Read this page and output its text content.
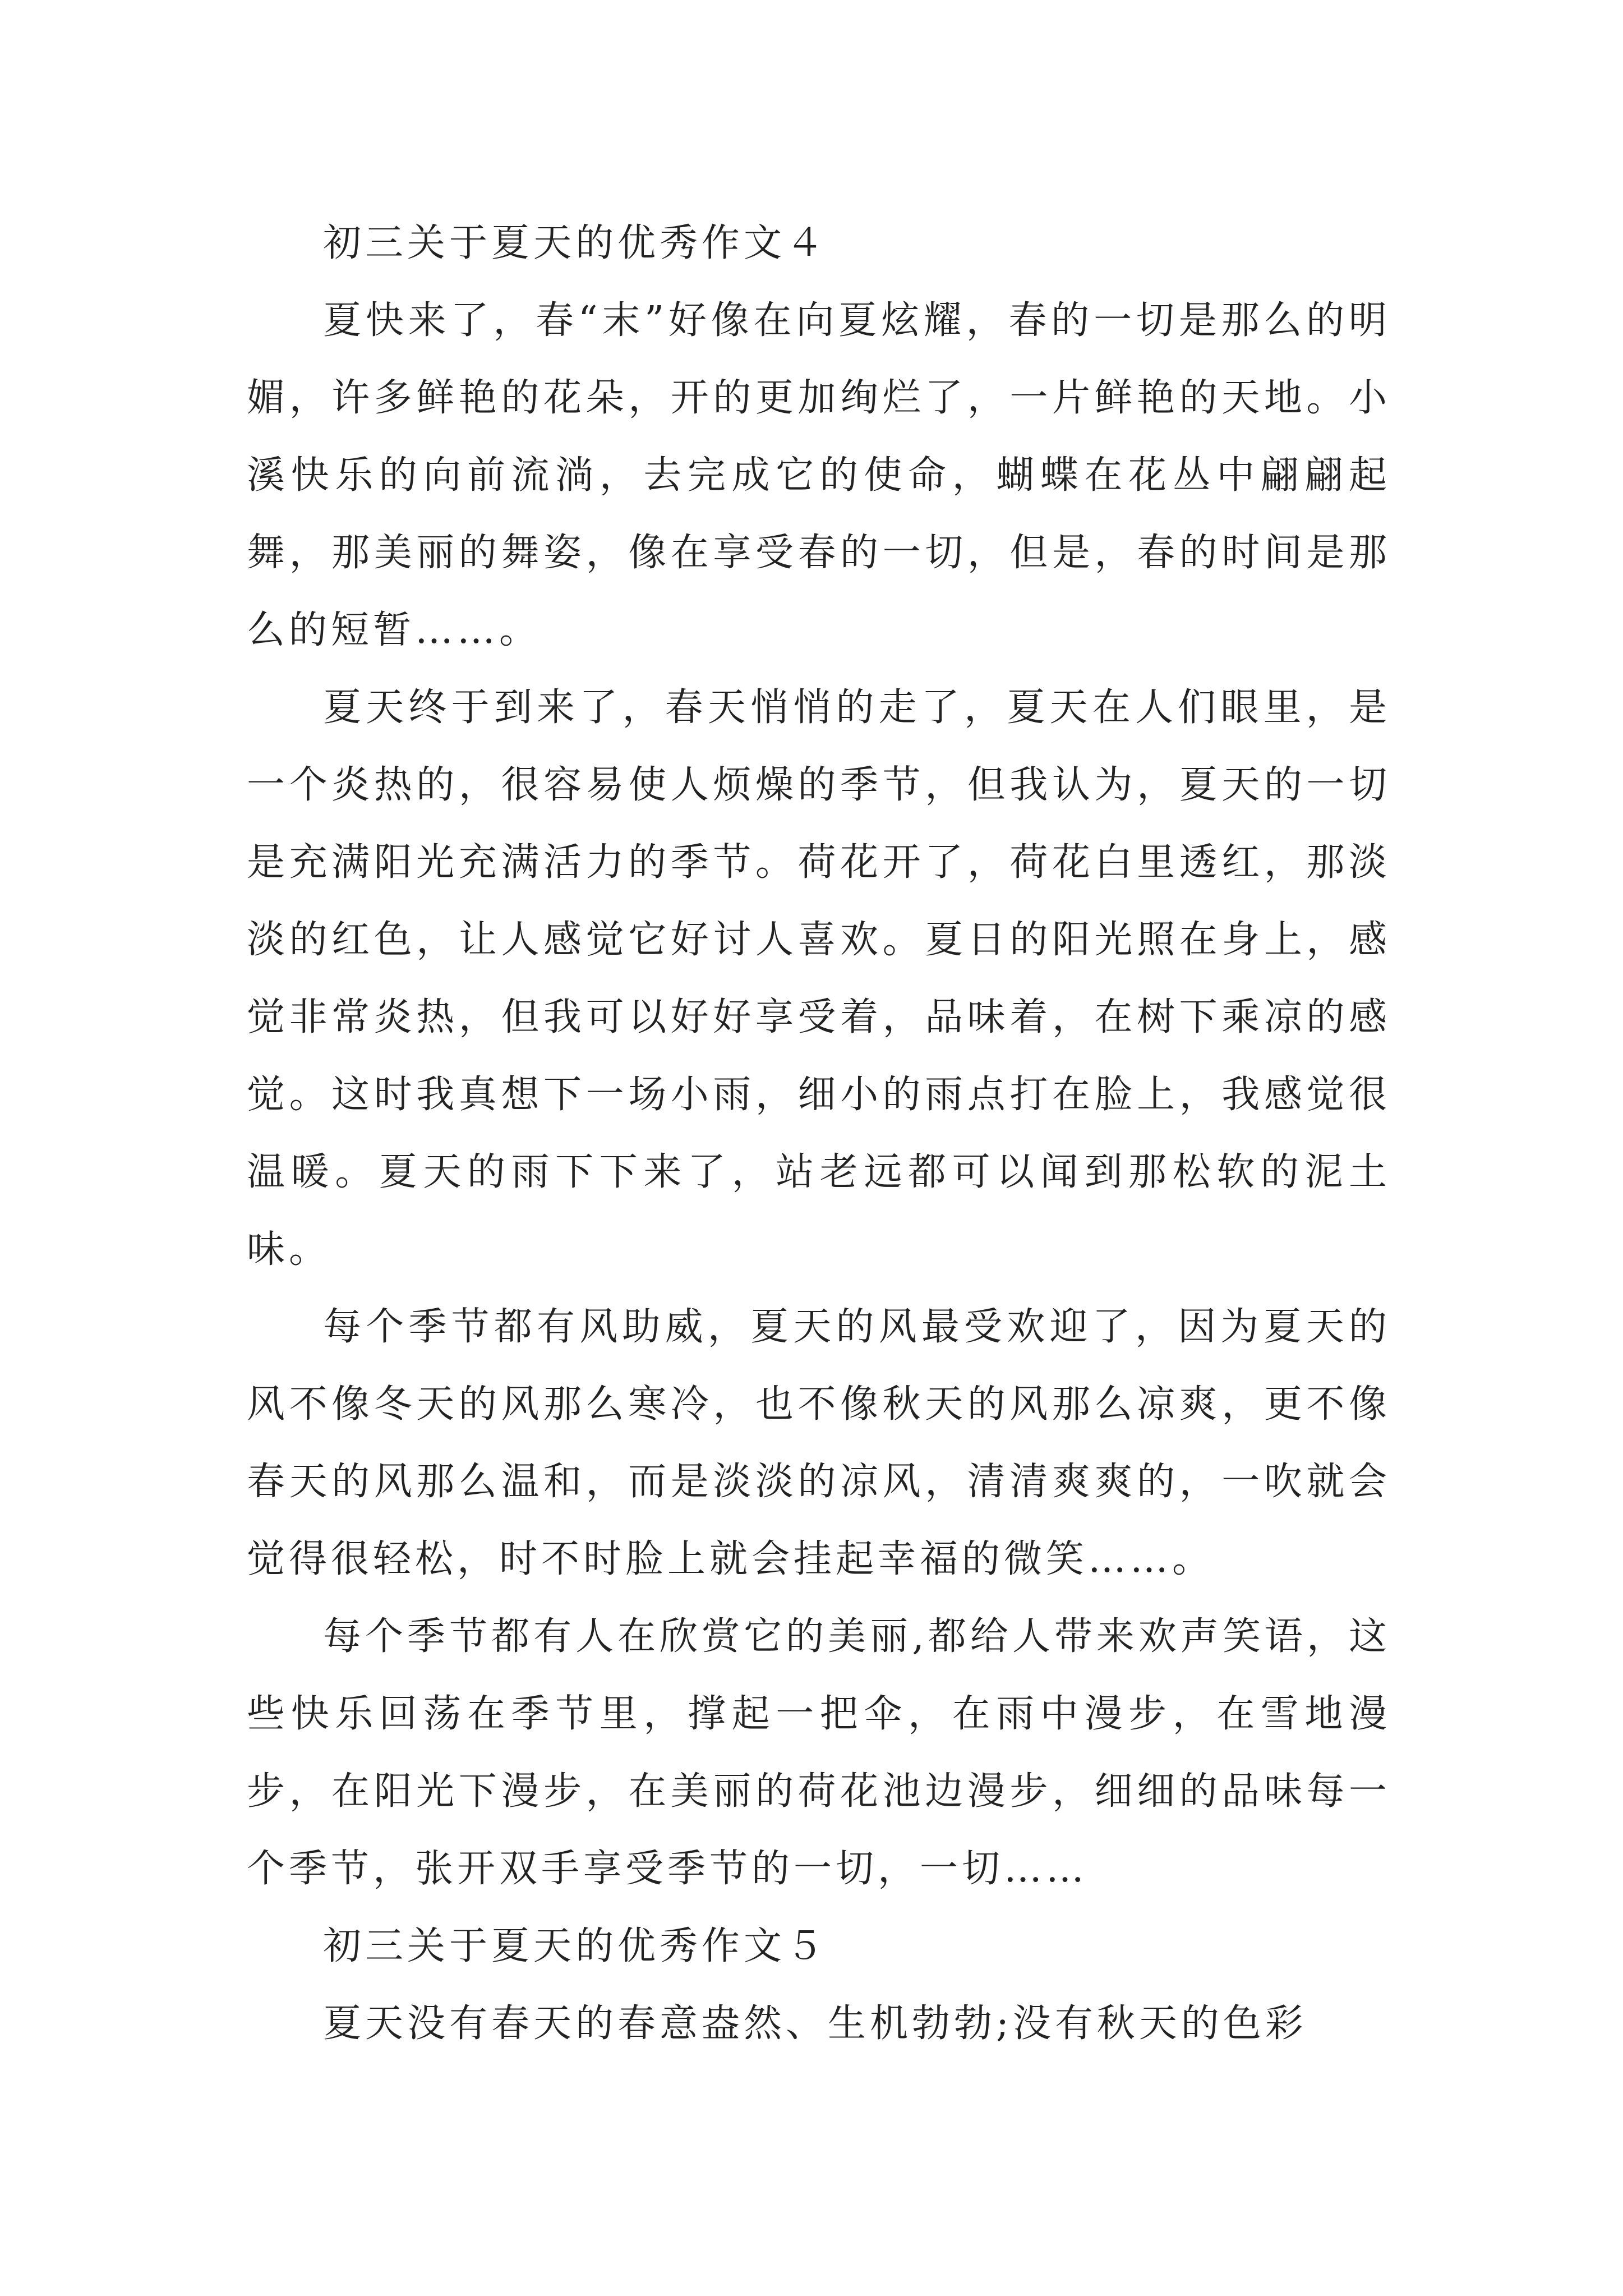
初三关于夏天的优秀作文４

夏快来了，春“末”好像在向夏炫耀，春的一切是那么的明媚，许多鲜艳的花朵，开的更加绚烂了，一片鲜艳的天地。小溪快乐的向前流淌，去完成它的使命，蝴蝶在花丛中翩翩起舞，那美丽的舞姿，像在享受春的一切，但是，春的时间是那么的短暂……。

夏天终于到来了，春天悄悄的走了，夏天在人们眼里，是一个炎热的，很容易使人烦燥的季节，但我认为，夏天的一切是充满阳光充满活力的季节。荷花开了，荷花白里透红，那淡淡的红色，让人感觉它好讨人喜欢。夏日的阳光照在身上，感觉非常炎热，但我可以好好享受着，品味着，在树下乘凉的感觉。这时我真想下一场小雨，细小的雨点打在脸上，我感觉很温暖。夏天的雨下下来了，站老远都可以闻到那松软的泥土味。

每个季节都有风助威，夏天的风最受欢迎了，因为夏天的风不像冬天的风那么寒冷，也不像秋天的风那么凉爽，更不像春天的风那么温和，而是淡淡的凉风，清清爽爽的，一吹就会觉得很轻松，时不时脸上就会挂起幸福的微笑……。

每个季节都有人在欣赏它的美丽,都给人带来欢声笑语，这些快乐回荡在季节里，撑起一把伞，在雨中漫步，在雪地漫步，在阳光下漫步，在美丽的荷花池边漫步，细细的品味每一个季节，张开双手享受季节的一切，一切……

初三关于夏天的优秀作文５

夏天没有春天的春意盎然、生机勃勃;没有秋天的色彩
